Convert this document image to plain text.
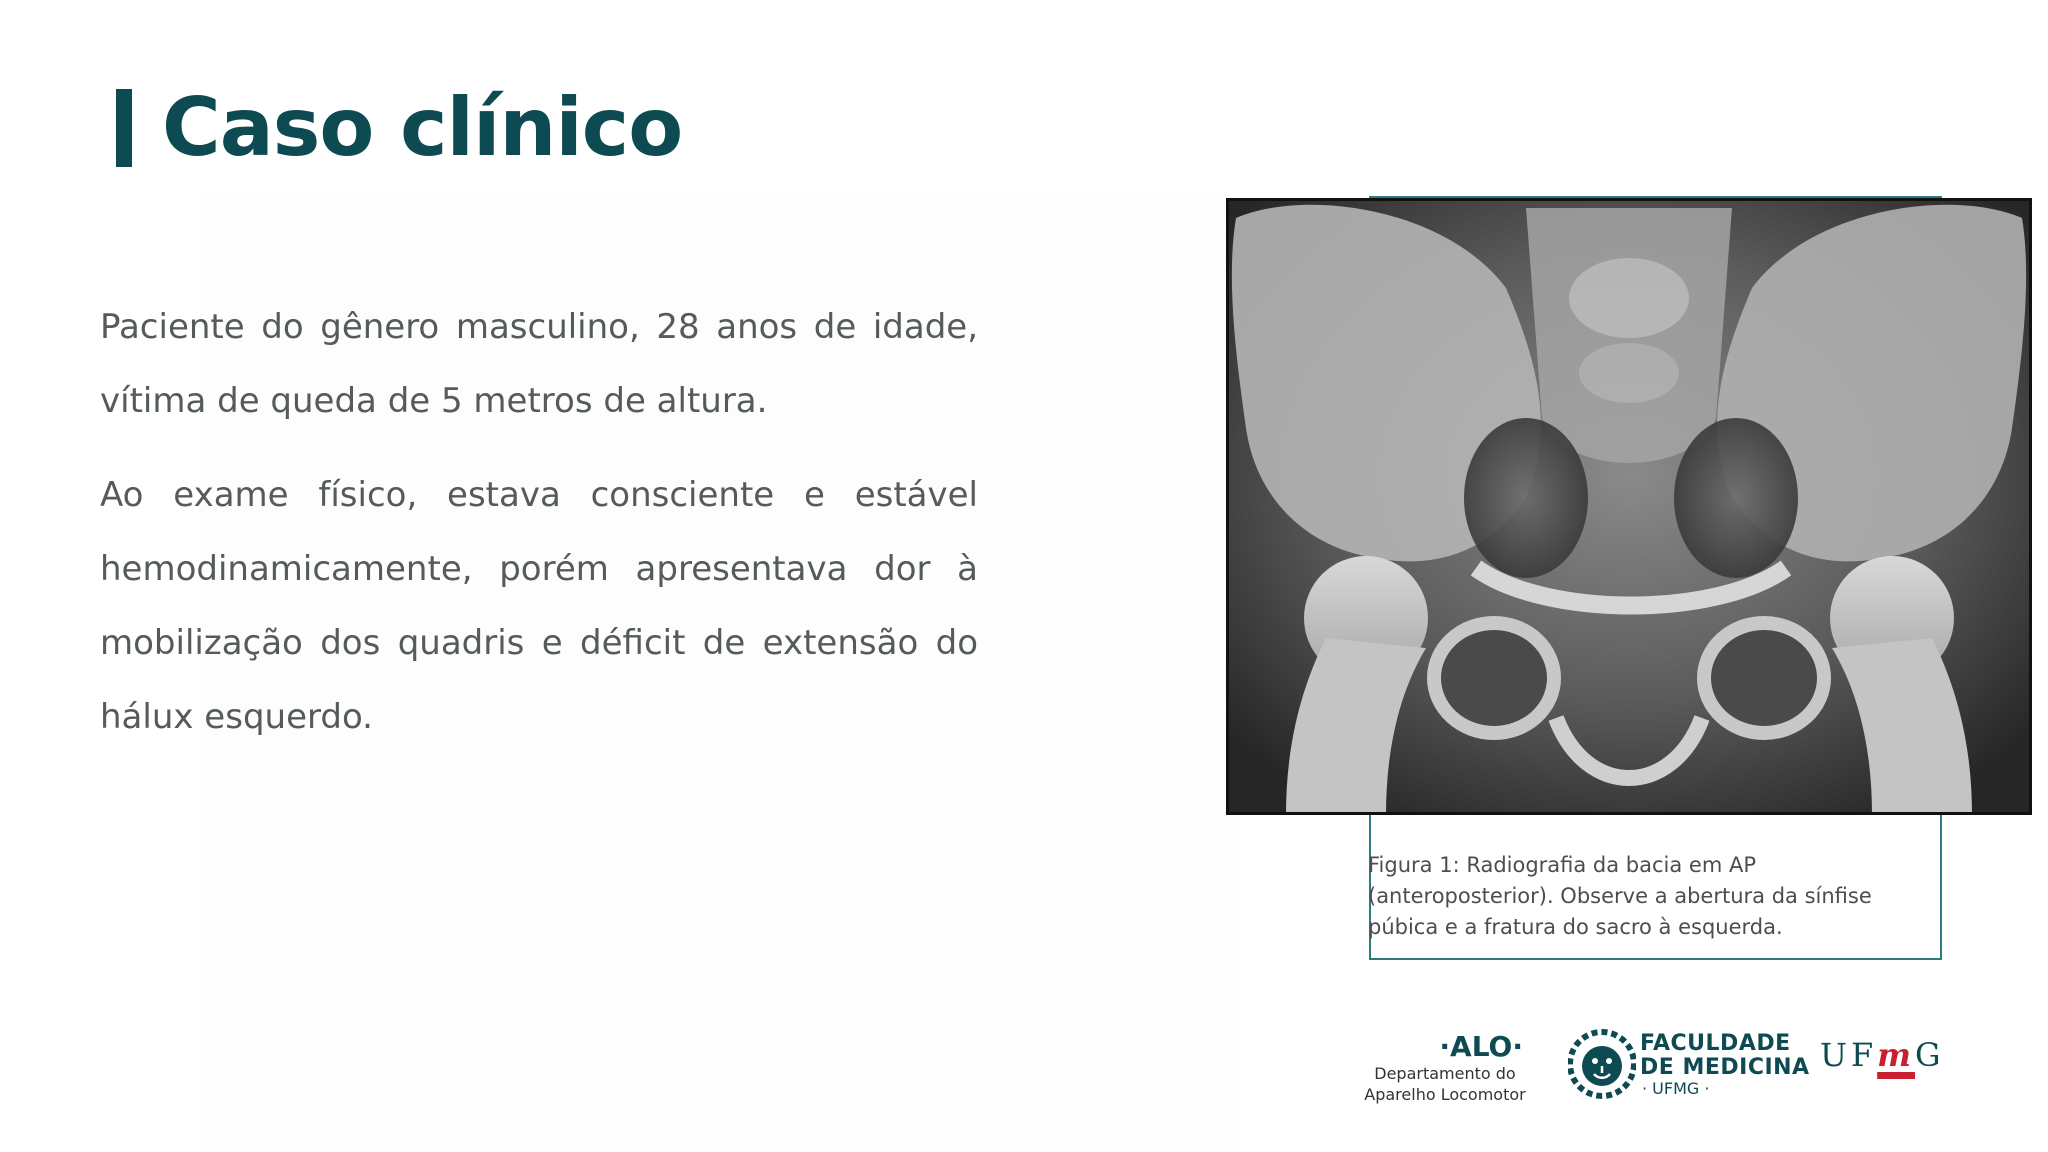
Caso clínico

Paciente do gênero masculino, 28 anos de idade, vítima de queda de 5 metros de altura.

Ao exame físico, estava consciente e estável hemodinamicamente, porém apresentava dor à mobilização dos quadris e déficit de extensão do hálux esquerdo.

Figura 1: Radiografia da bacia em AP
(anteroposterior). Observe a abertura da sínfise
púbica e a fratura do sacro à esquerda.
·ALO·
Departamento do
Aparelho Locomotor
FACULDADE
DE MEDICINA
· UFMG ·
UFmG
